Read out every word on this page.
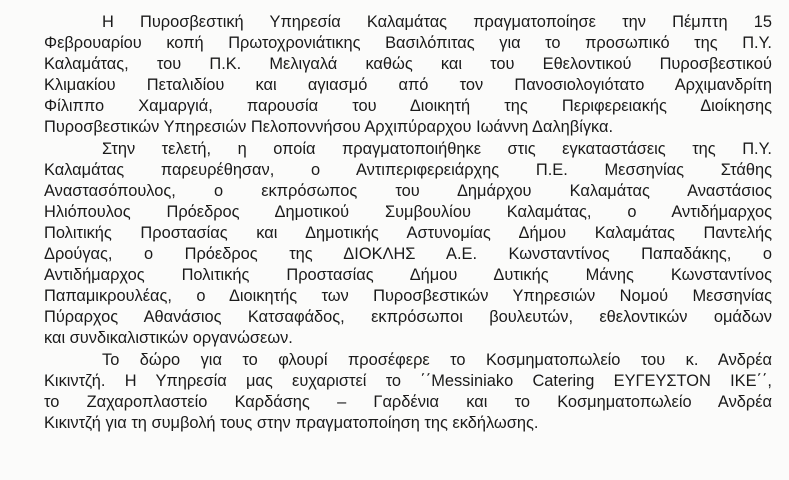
Η Πυροσβεστική Υπηρεσία Καλαμάτας πραγματοποίησε την Πέμπτη 15
Φεβρουαρίου κοπή Πρωτοχρονιάτικης Βασιλόπιτας για το προσωπικό της Π.Υ.
Καλαμάτας, του Π.Κ. Μελιγαλά καθώς και του Εθελοντικού Πυροσβεστικού
Κλιμακίου Πεταλιδίου και αγιασμό από τον Πανοσιολογιότατο Αρχιμανδρίτη
Φίλιππο Χαμαργιά, παρουσία του Διοικητή της Περιφερειακής Διοίκησης
Πυροσβεστικών Υπηρεσιών Πελοποννήσου Αρχιπύραρχου Ιωάννη Δαληβίγκα.

Στην τελετή, η οποία πραγματοποιήθηκε στις εγκαταστάσεις της Π.Υ.
Καλαμάτας παρευρέθησαν, ο Αντιπεριφερειάρχης Π.Ε. Μεσσηνίας Στάθης
Αναστασόπουλος, ο εκπρόσωπος του Δημάρχου Καλαμάτας Αναστάσιος
Ηλιόπουλος Πρόεδρος Δημοτικού Συμβουλίου Καλαμάτας, ο Αντιδήμαρχος
Πολιτικής Προστασίας και Δημοτικής Αστυνομίας Δήμου Καλαμάτας Παντελής
Δρούγας, ο Πρόεδρος της ΔΙΟΚΛΗΣ Α.Ε. Κωνσταντίνος Παπαδάκης, ο
Αντιδήμαρχος Πολιτικής Προστασίας Δήμου Δυτικής Μάνης Κωνσταντίνος
Παπαμικρουλέας, ο Διοικητής των Πυροσβεστικών Υπηρεσιών Νομού Μεσσηνίας
Πύραρχος Αθανάσιος Κατσαφάδος, εκπρόσωποι βουλευτών, εθελοντικών ομάδων
και συνδικαλιστικών οργανώσεων.

Το δώρο για το φλουρί προσέφερε το Κοσμηματοπωλείο του κ. Ανδρέα
Κικιντζή. Η Υπηρεσία μας ευχαριστεί το ΄΄Messiniako Catering ΕΥΓΕΥΣΤΟΝ ΙΚΕ΄΄,
το Ζαχαροπλαστείο Καρδάσης – Γαρδένια και το Κοσμηματοπωλείο Ανδρέα
Κικιντζή για τη συμβολή τους στην πραγματοποίηση της εκδήλωσης.
